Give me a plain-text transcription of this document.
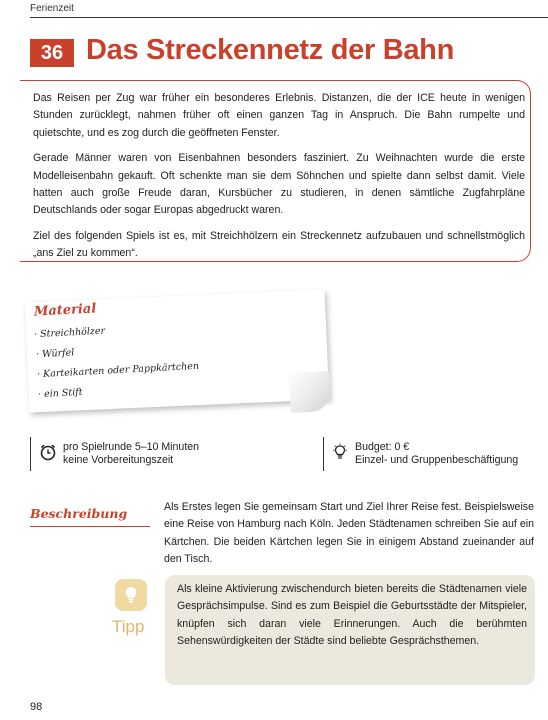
Ferienzeit
36 Das Streckennetz der Bahn

Das Reisen per Zug war früher ein besonderes Erlebnis. Distanzen, die der ICE heute in wenigen Stunden zurücklegt, nahmen früher oft einen ganzen Tag in Anspruch. Die Bahn rumpelte und quietschte, und es zog durch die geöffneten Fenster.

Gerade Männer waren von Eisenbahnen besonders fasziniert. Zu Weihnachten wurde die erste Modelleisenbahn gekauft. Oft schenkte man sie dem Söhnchen und spielte dann selbst damit. Viele hatten auch große Freude daran, Kursbücher zu studieren, in denen sämtliche Zugfahrpläne Deutschlands oder sogar Europas abgedruckt waren.

Ziel des folgenden Spiels ist es, mit Streichhölzern ein Streckennetz aufzubauen und schnellstmöglich „ans Ziel zu kommen“.

Material
· Streichhölzer
· Würfel
· Karteikarten oder Pappkärtchen
· ein Stift
pro Spielrunde 5–10 Minuten
keine Vorbereitungszeit
Budget: 0 €
Einzel- und Gruppenbeschäftigung
Beschreibung	Als Erstes legen Sie gemeinsam Start und Ziel Ihrer Reise fest. Beispielsweise eine Reise von Hamburg nach Köln. Jeden Städtenamen schreiben Sie auf ein Kärtchen. Die beiden Kärtchen legen Sie in einigem Abstand zueinander auf den Tisch.
Tipp
Als kleine Aktivierung zwischendurch bieten bereits die Städtenamen viele Gesprächsimpulse. Sind es zum Beispiel die Geburtsstädte der Mitspieler, knüpfen sich daran viele Erinnerungen. Auch die berühmten Sehenswürdigkeiten der Städte sind beliebte Gesprächsthemen.
98
